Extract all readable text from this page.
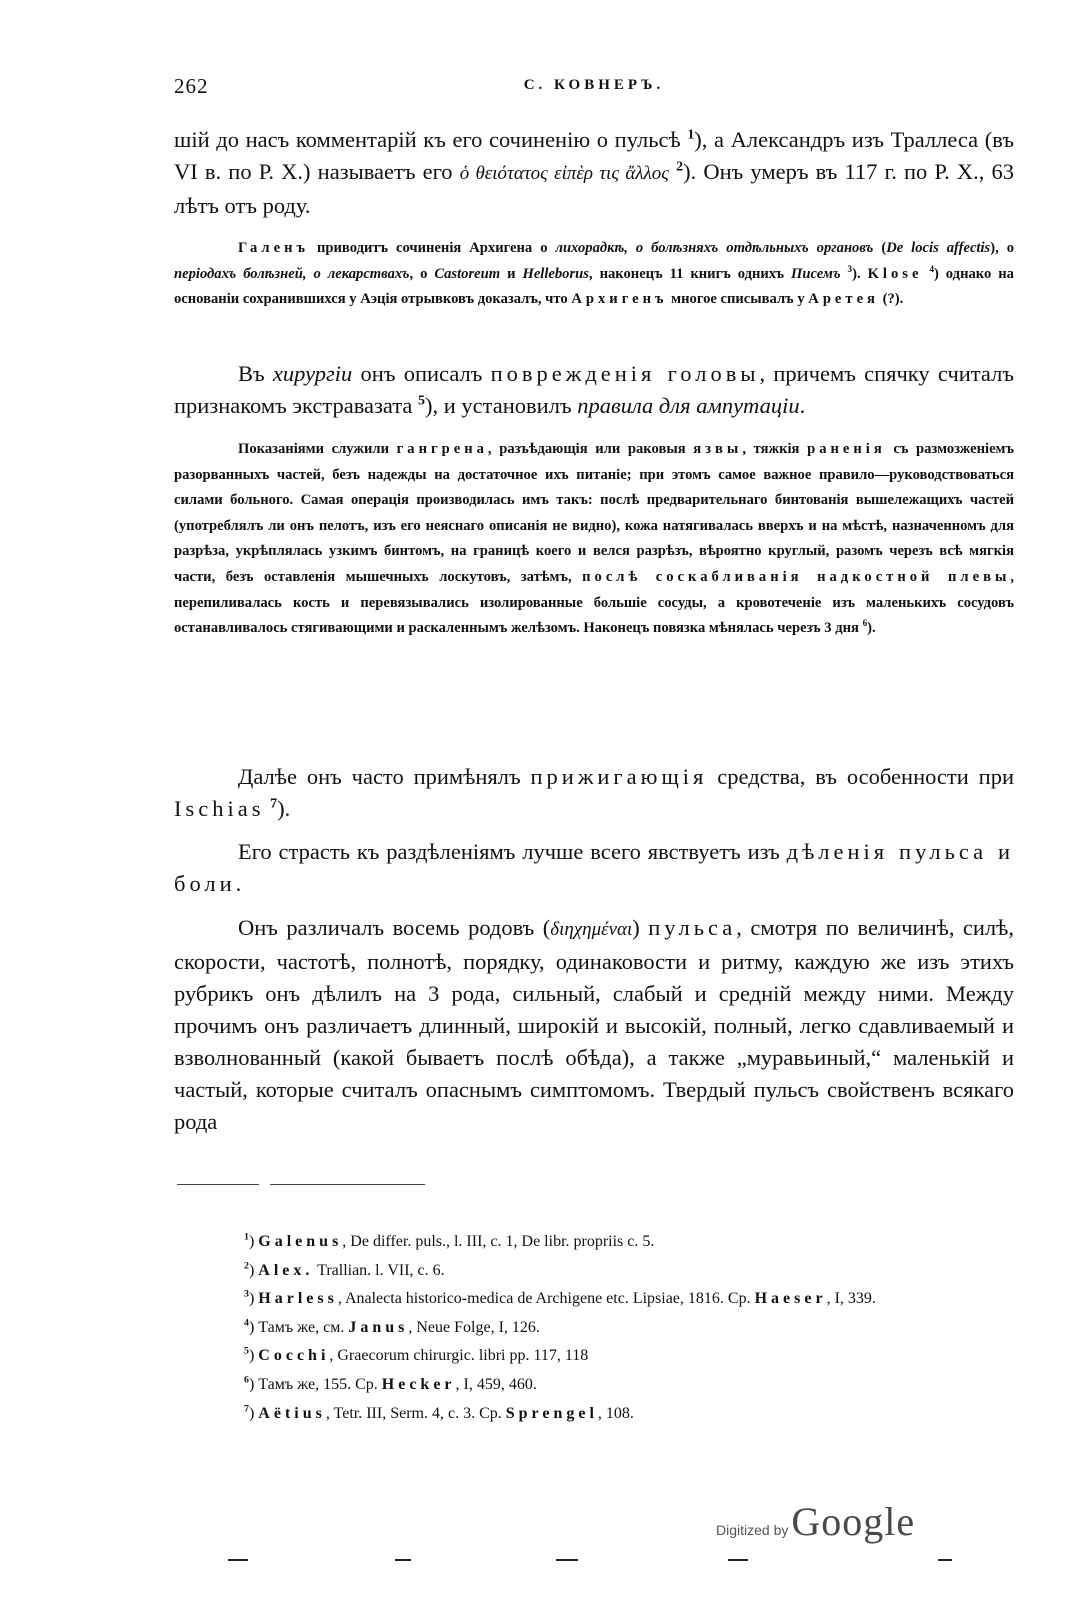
262	С. КОВНЕРЪ.

шій до насъ комментарій къ его сочиненію о пульсѣ $^1$), а Александръ изъ Траллеса (въ VI в. по Р. X.) называетъ его ὁ θειότατος εἰπὲρ τις ἄλλος $^2$). Онъ умеръ въ 117 г. по Р. X., 63 лѣтъ отъ роду.

Галенъ приводитъ сочиненія Архигена о лихорадкѣ, о болѣзняхъ отдѣльныхъ органовъ (De locis affectis), о періодахъ болѣзней, о лекарствахъ, о Castoreum и Helleborus, наконецъ 11 книгъ однихъ Писемъ $^3$). Klose $^4$) однако на основаніи сохранившихся у Аэція отрывковъ доказалъ, что Архигенъ многое списывалъ у Аретея (?).

Въ хирургіи онъ описалъ поврежденія головы, причемъ спячку считалъ признакомъ экстравазата $^5$), и установилъ правила для ампутаціи.

Показаніями служили гангрена, разъѣдающія или раковыя язвы, тяжкія раненія съ размозженіемъ разорванныхъ частей, безъ надежды на достаточное ихъ питаніе; при этомъ самое важное правило—руководствоваться силами больного. Самая операція производилась имъ такъ: послѣ предварительнаго бинтованія вышележащихъ частей (употреблялъ ли онъ пелотъ, изъ его неяснаго описанія не видно), кожа натягивалась вверхъ и на мѣстѣ, назначенномъ для разрѣза, укрѣплялась узкимъ бинтомъ, на границѣ коего и велся разрѣзъ, вѣроятно круглый, разомъ черезъ всѣ мягкія части, безъ оставленія мышечныхъ лоскутовъ, затѣмъ, послѣ соскабливанія надкостной плевы, перепиливалась кость и перевязывались изолированные большіе сосуды, а кровотеченіе изъ маленькихъ сосудовъ останавливалось стягивающими и раскаленнымъ желѣзомъ. Наконецъ повязка мѣнялась черезъ 3 дня $^6$).

Далѣе онъ часто примѣнялъ прижигающія средства, въ особенности при Ischias $^7$).

Его страсть къ раздѣленіямъ лучше всего явствуетъ изъ дѣленія пульса и боли.

Онъ различалъ восемь родовъ (διηχημέναι) пульса, смотря по величинѣ, силѣ, скорости, частотѣ, полнотѣ, порядку, одинаковости и ритму, каждую же изъ этихъ рубрикъ онъ дѣлилъ на 3 рода, сильный, слабый и средній между ними. Между прочимъ онъ различаетъ длинный, широкій и высокій, полный, легко сдавливаемый и взволнованный (какой бываетъ послѣ обѣда), а также „муравьиный,“ маленькій и частый, которые считалъ опаснымъ симптомомъ. Твердый пульсъ свойственъ всякаго рода

$^1$) Galenus, De differ. puls., l. III, c. 1, De libr. propriis c. 5.

$^2$) Alex. Trallian. l. VII, c. 6.

$^3$) Harless, Analecta historico-medica de Archigene etc. Lipsiae, 1816. Cp. Haeser, I, 339.

$^4$) Тамъ же, см. Janus, Neue Folge, I, 126.

$^5$) Cocchi, Graecorum chirurgic. libri pp. 117, 118

$^6$) Тамъ же, 155. Cp. Hecker, I, 459, 460.

$^7$) Aëtius, Tetr. III, Serm. 4, c. 3. Cp. Sprengel, 108.

Digitized by Google
